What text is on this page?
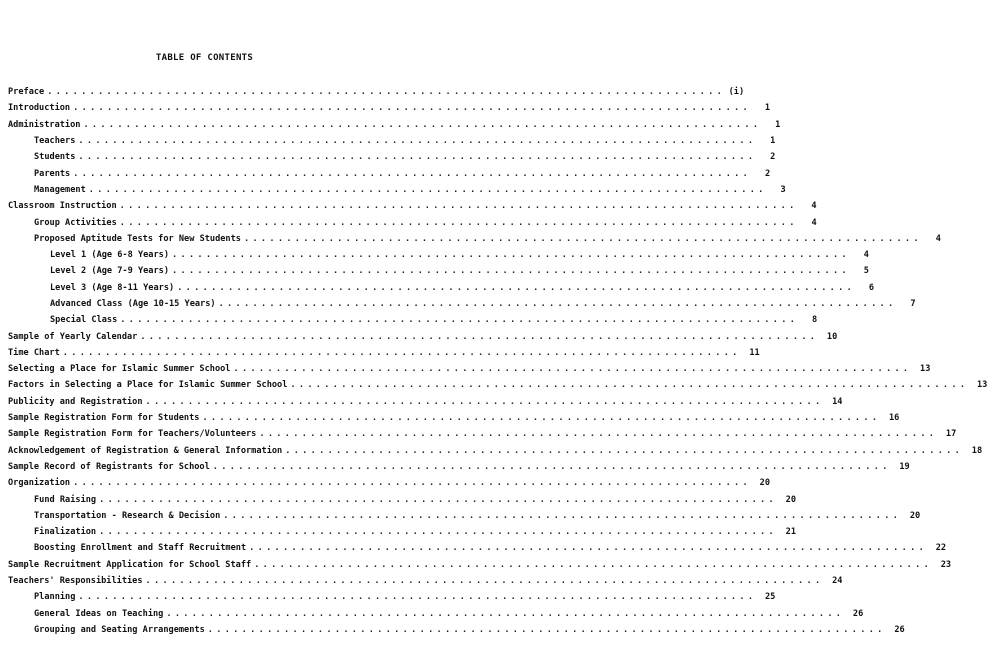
TABLE OF CONTENTS
Preface ................................................................................ (i)
Introduction ................................................................................	1
Administration ................................................................................	1
Teachers ................................................................................	1
Students ................................................................................	2
Parents ................................................................................	2
Management ................................................................................	3
Classroom Instruction ................................................................................	4
Group Activities ................................................................................	4
Proposed Aptitude Tests for New Students ................................................................................	4
Level 1 (Age 6-8 Years) ................................................................................	4
Level 2 (Age 7-9 Years) ................................................................................	5
Level 3 (Age 8-11 Years) ................................................................................	6
Advanced Class (Age 10-15 Years) ................................................................................	7
Special Class ................................................................................	8
Sample of Yearly Calendar ................................................................................	10
Time Chart ................................................................................	11
Selecting a Place for Islamic Summer School ................................................................................	13
Factors in Selecting a Place for Islamic Summer School ................................................................................	13
Publicity and Registration ................................................................................	14
Sample Registration Form for Students ................................................................................	16
Sample Registration Form for Teachers/Volunteers ................................................................................	17
Acknowledgement of Registration & General Information ................................................................................	18
Sample Record of Registrants for School ................................................................................	19
Organization ................................................................................	20
Fund Raising ................................................................................	20
Transportation - Research & Decision ................................................................................	20
Finalization ................................................................................	21
Boosting Enrollment and Staff Recruitment ................................................................................	22
Sample Recruitment Application for School Staff ................................................................................	23
Teachers' Responsibilities ................................................................................	24
Planning ................................................................................	25
General Ideas on Teaching ................................................................................	26
Grouping and Seating Arrangements ................................................................................	26
